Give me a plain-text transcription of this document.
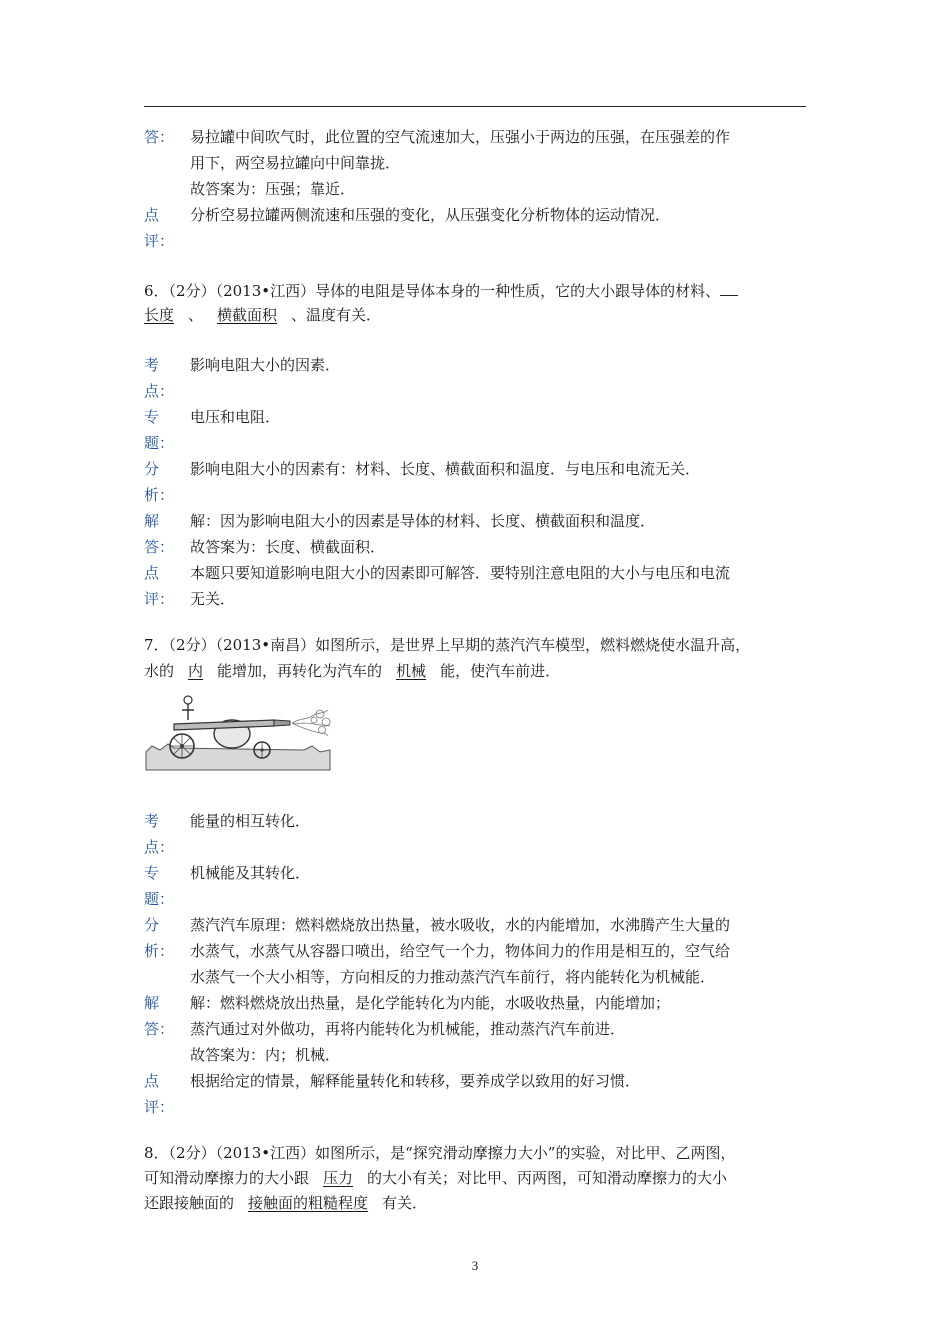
答：	易拉罐中间吹气时，此位置的空气流速加大，压强小于两边的压强，在压强差的作
用下，两空易拉罐向中间靠拢．
故答案为：压强；靠近．
点	分析空易拉罐两侧流速和压强的变化，从压强变化分析物体的运动情况．
评：
6．（2分）（2013•江西）导体的电阻是导体本身的一种性质，它的大小跟导体的材料、
长度 、 横截面积 、温度有关．
考	影响电阻大小的因素．
点：
专	电压和电阻．
题：
分	影响电阻大小的因素有：材料、长度、横截面积和温度．与电压和电流无关．
析：
解	解：因为影响电阻大小的因素是导体的材料、长度、横截面积和温度．
答：	故答案为：长度、横截面积．
点	本题只要知道影响电阻大小的因素即可解答．要特别注意电阻的大小与电压和电流
评：	无关．
7．（2分）（2013•南昌）如图所示，是世界上早期的蒸汽汽车模型，燃料燃烧使水温升高，
水的 内 能增加，再转化为汽车的 机械 能，使汽车前进．
考	能量的相互转化．
点：
专	机械能及其转化．
题：
分	蒸汽汽车原理：燃料燃烧放出热量，被水吸收，水的内能增加，水沸腾产生大量的
析：	水蒸气，水蒸气从容器口喷出，给空气一个力，物体间力的作用是相互的，空气给
水蒸气一个大小相等，方向相反的力推动蒸汽汽车前行，将内能转化为机械能．
解	解：燃料燃烧放出热量，是化学能转化为内能，水吸收热量，内能增加；
答：	蒸汽通过对外做功，再将内能转化为机械能，推动蒸汽汽车前进．
故答案为：内；机械．
点	根据给定的情景，解释能量转化和转移，要养成学以致用的好习惯．
评：
8．（2分）（2013•江西）如图所示，是“探究滑动摩擦力大小”的实验，对比甲、乙两图，
可知滑动摩擦力的大小跟 压力 的大小有关；对比甲、丙两图，可知滑动摩擦力的大小
还跟接触面的 接触面的粗糙程度 有关．
3
